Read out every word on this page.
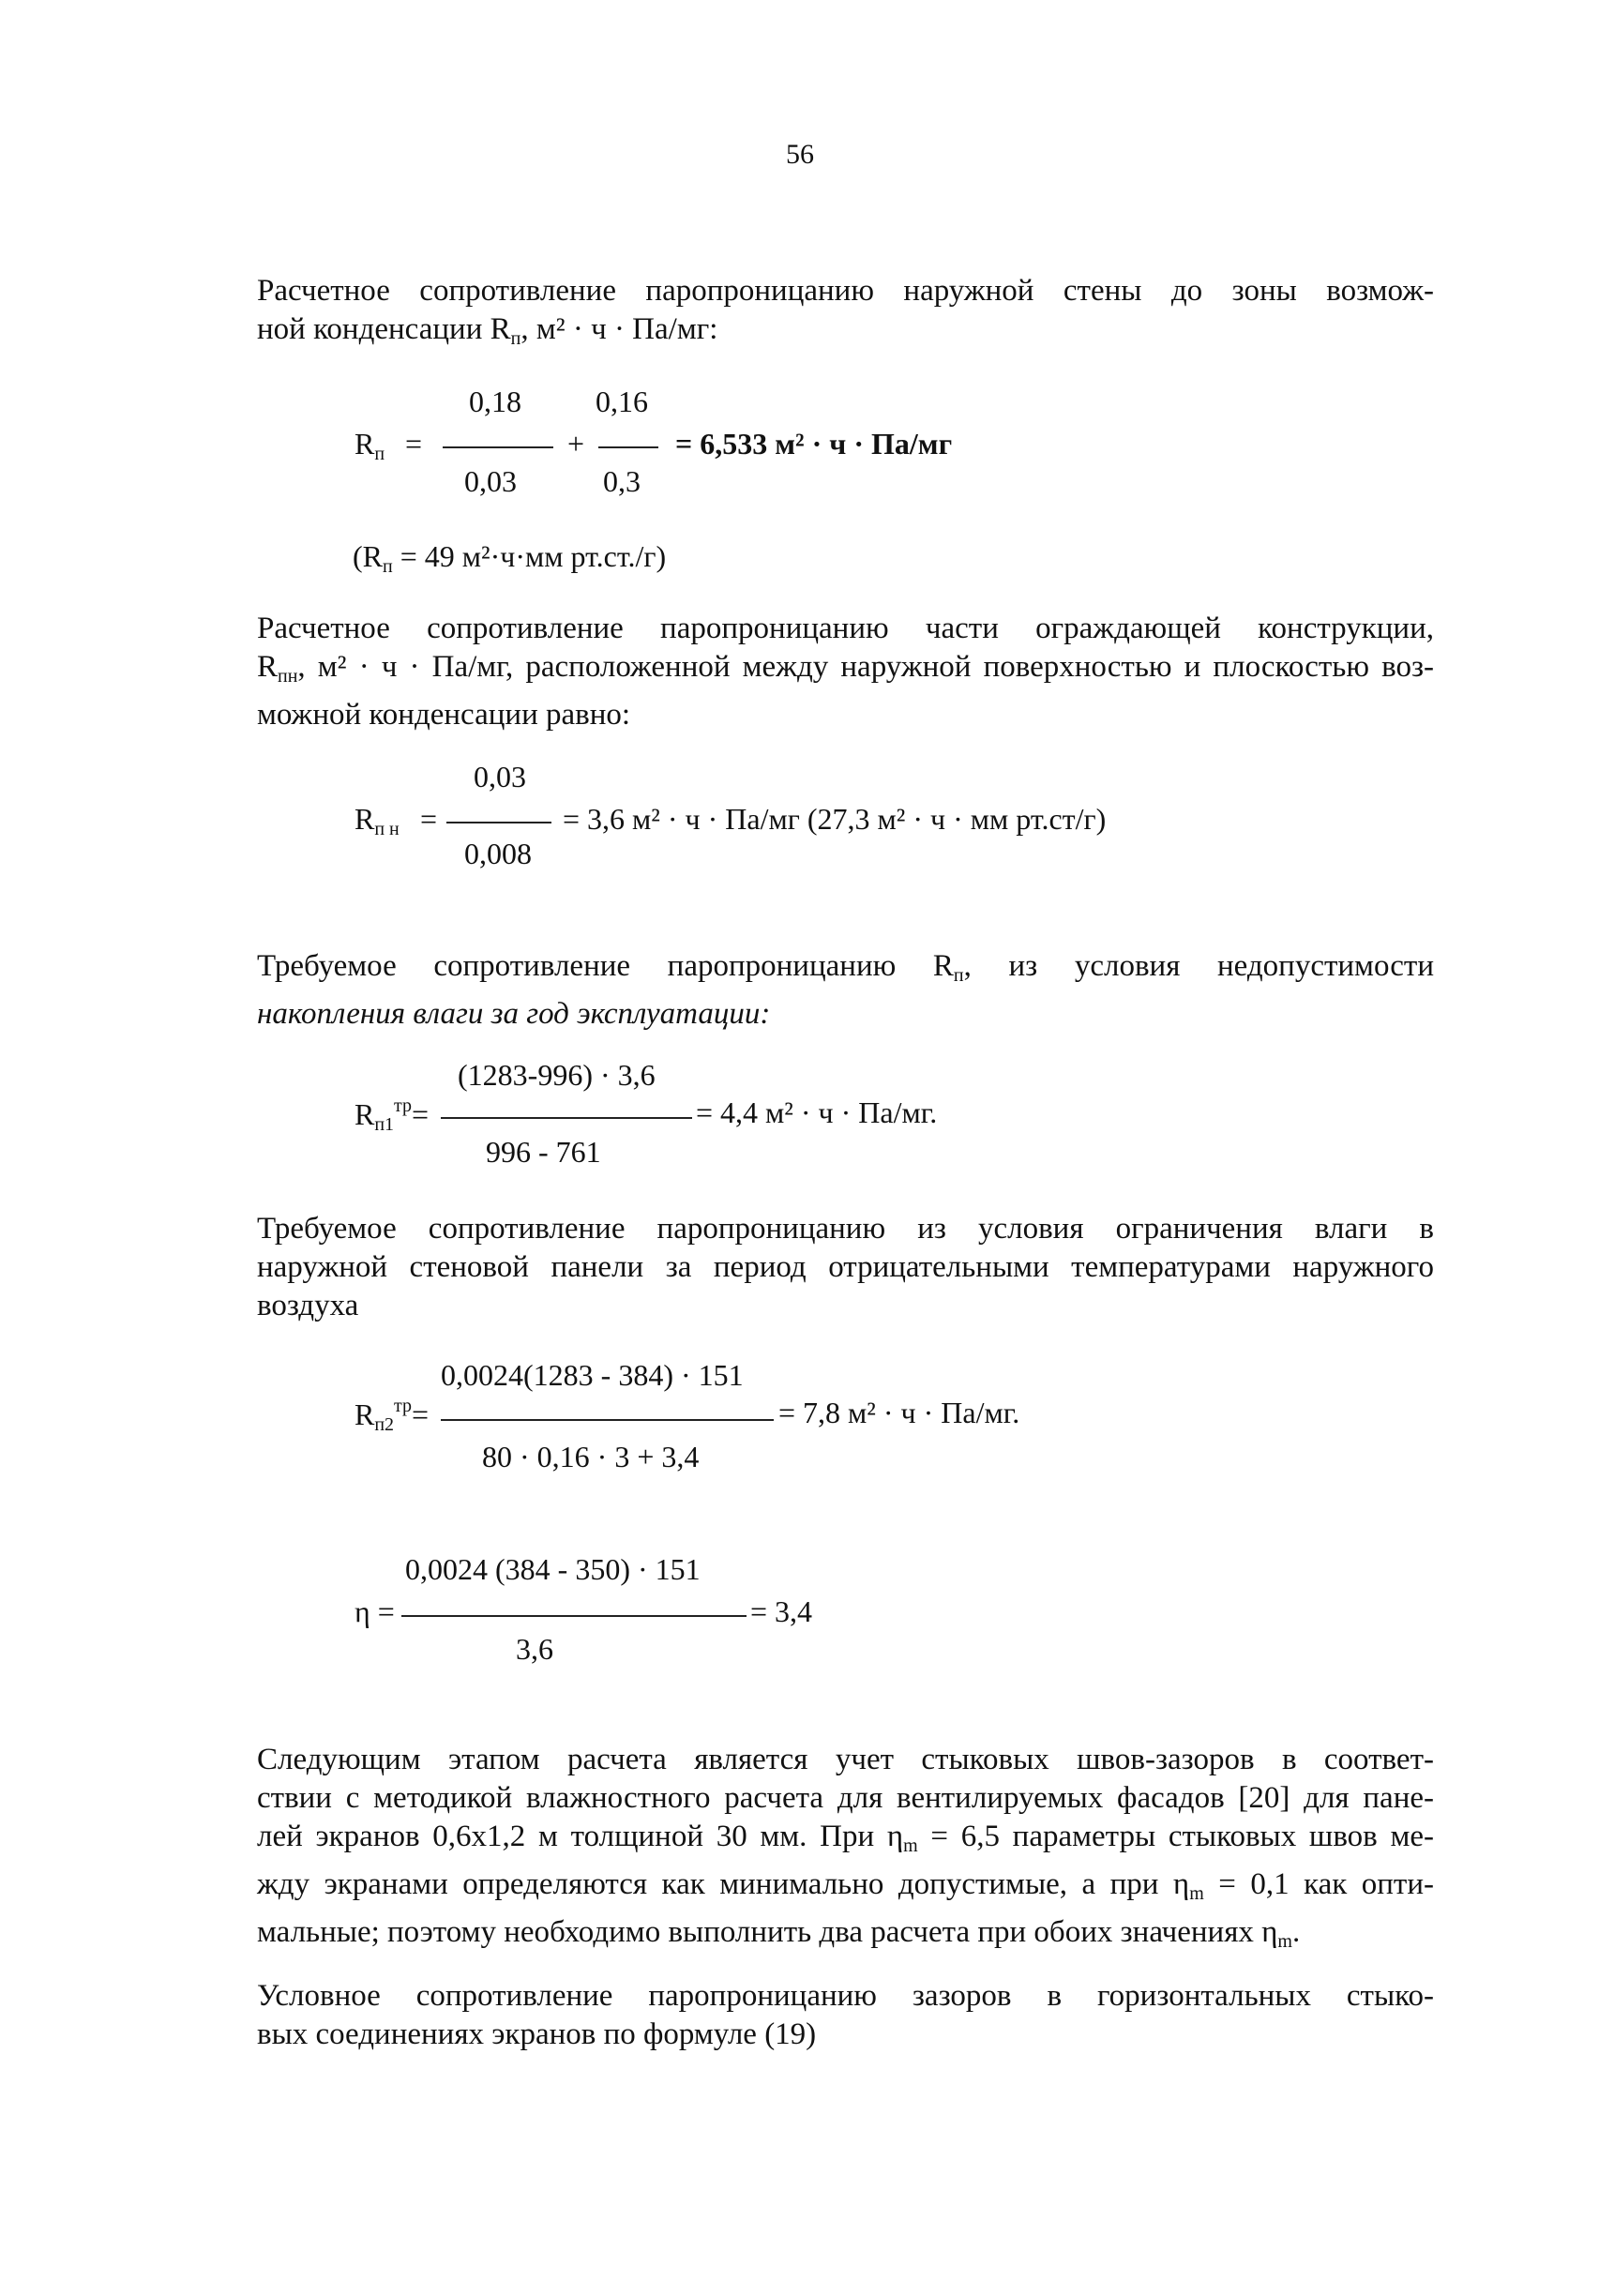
56
Расчетное сопротивление паропроницанию наружной стены до зоны возмож-
ной конденсации $R_п$, м² · ч · Па/мг:
$R_п$ =
0,18
0,03
+
0,16
0,3
= 6,533 м² · ч · Па/мг
($R_п = 49$ м²·ч·мм рт.ст./г)
Расчетное сопротивление паропроницанию части ограждающей конструкции,
$R_{пн}$, м² · ч · Па/мг, расположенной между наружной поверхностью и плоскостью воз-
можной конденсации равно:
$R_{п н}$ =
0,03
0,008
= 3,6 м² · ч · Па/мг (27,3 м² · ч · мм рт.ст/г)
Требуемое сопротивление паропроницанию $R_п$, из условия недопустимости
накопления влаги за год эксплуатации:
$R_{п1}^{тр}=$
(1283-996) · 3,6
996 - 761
= 4,4 м² · ч · Па/мг.
Требуемое сопротивление паропроницанию из условия ограничения влаги в
наружной стеновой панели за период отрицательными температурами наружного
воздуха
$R_{п2}^{тр}=$
0,0024(1283 - 384) · 151
80 · 0,16 · 3 + 3,4
= 7,8 м² · ч · Па/мг.
η =
0,0024 (384 - 350) · 151
3,6
= 3,4
Следующим этапом расчета является учет стыковых швов-зазоров в соответ-
ствии с методикой влажностного расчета для вентилируемых фасадов [20] для пане-
лей экранов 0,6х1,2 м толщиной 30 мм. При $\eta_m = 6,5$ параметры стыковых швов ме-
жду экранами определяются как минимально допустимые, а при $\eta_m = 0,1$ как опти-
мальные; поэтому необходимо выполнить два расчета при обоих значениях $\eta_m$.
Условное сопротивление паропроницанию зазоров в горизонтальных стыко-
вых соединениях экранов по формуле (19)
